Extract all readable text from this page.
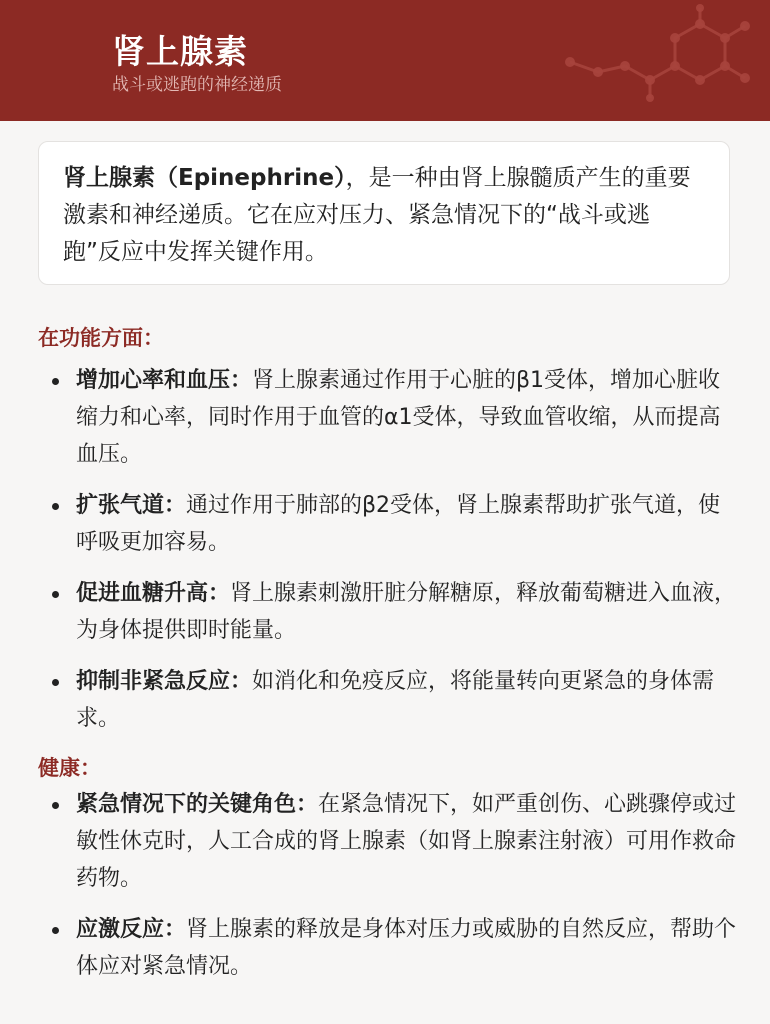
肾上腺素
战斗或逃跑的神经递质
肾上腺素（Epinephrine），是一种由肾上腺髓质产生的重要激素和神经递质。它在应对压力、紧急情况下的“战斗或逃跑”反应中发挥关键作用。
在功能方面：
增加心率和血压：肾上腺素通过作用于心脏的β1受体，增加心脏收缩力和心率，同时作用于血管的α1受体，导致血管收缩，从而提高血压。
扩张气道：通过作用于肺部的β2受体，肾上腺素帮助扩张气道，使呼吸更加容易。
促进血糖升高：肾上腺素刺激肝脏分解糖原，释放葡萄糖进入血液，为身体提供即时能量。
抑制非紧急反应：如消化和免疫反应，将能量转向更紧急的身体需求。
健康：
紧急情况下的关键角色：在紧急情况下，如严重创伤、心跳骤停或过敏性休克时，人工合成的肾上腺素（如肾上腺素注射液）可用作救命药物。
应激反应：肾上腺素的释放是身体对压力或威胁的自然反应，帮助个体应对紧急情况。
